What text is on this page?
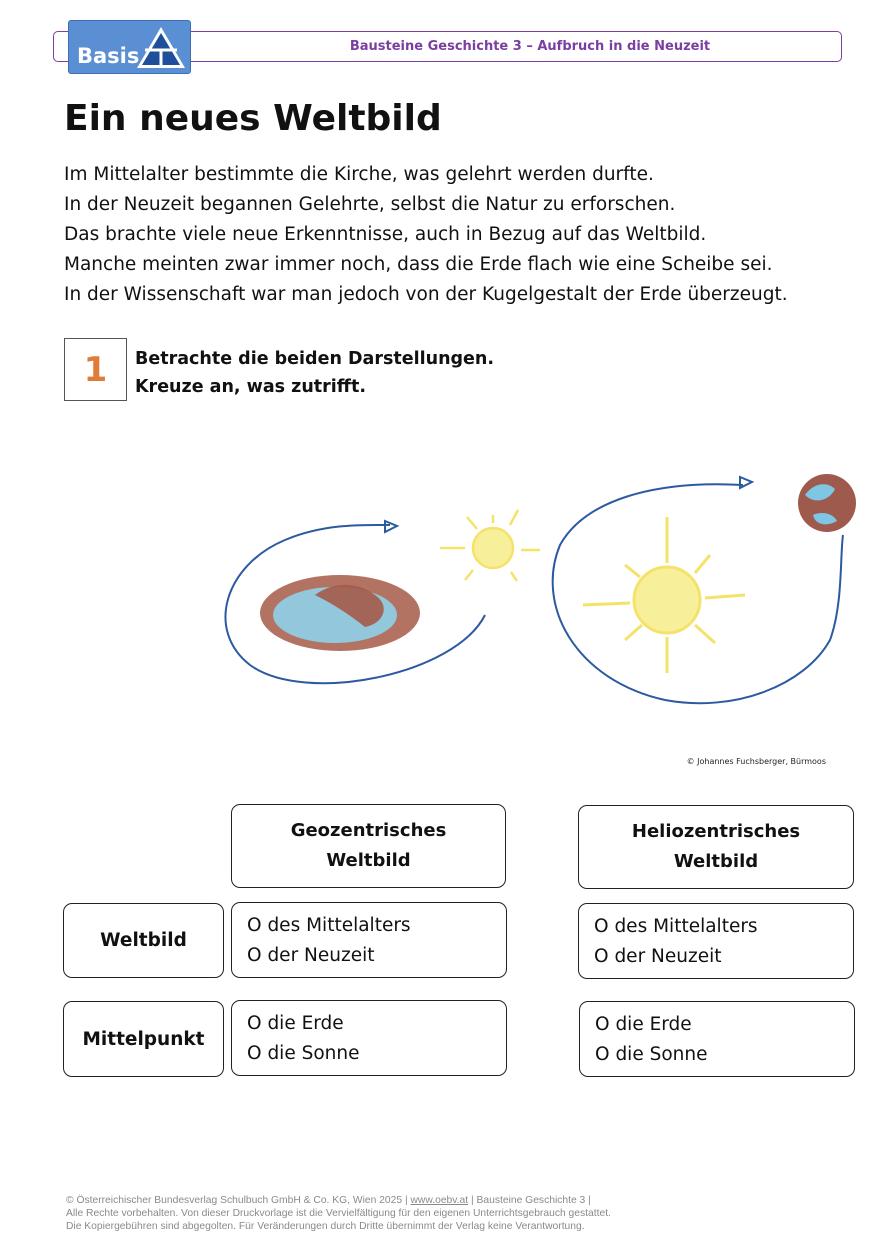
Bausteine Geschichte 3 – Aufbruch in die Neuzeit
Basis
Ein neues Weltbild
Im Mittelalter bestimmte die Kirche, was gelehrt werden durfte.
In der Neuzeit begannen Gelehrte, selbst die Natur zu erforschen.
Das brachte viele neue Erkenntnisse, auch in Bezug auf das Weltbild.
Manche meinten zwar immer noch, dass die Erde flach wie eine Scheibe sei.
In der Wissenschaft war man jedoch von der Kugelgestalt der Erde überzeugt.
1 Betrachte die beiden Darstellungen.
Kreuze an, was zutrifft.
© Johannes Fuchsberger, Bürmoos
Geozentrisches
Weltbild
Heliozentrisches
Weltbild
Weltbild
O des Mittelalters
O der Neuzeit
O des Mittelalters
O der Neuzeit
Mittelpunkt
O die Erde
O die Sonne
O die Erde
O die Sonne
© Österreichischer Bundesverlag Schulbuch GmbH & Co. KG, Wien 2025 | www.oebv.at | Bausteine Geschichte 3 |
Alle Rechte vorbehalten. Von dieser Druckvorlage ist die Vervielfältigung für den eigenen Unterrichtsgebrauch gestattet.
Die Kopiergebühren sind abgegolten. Für Veränderungen durch Dritte übernimmt der Verlag keine Verantwortung.
